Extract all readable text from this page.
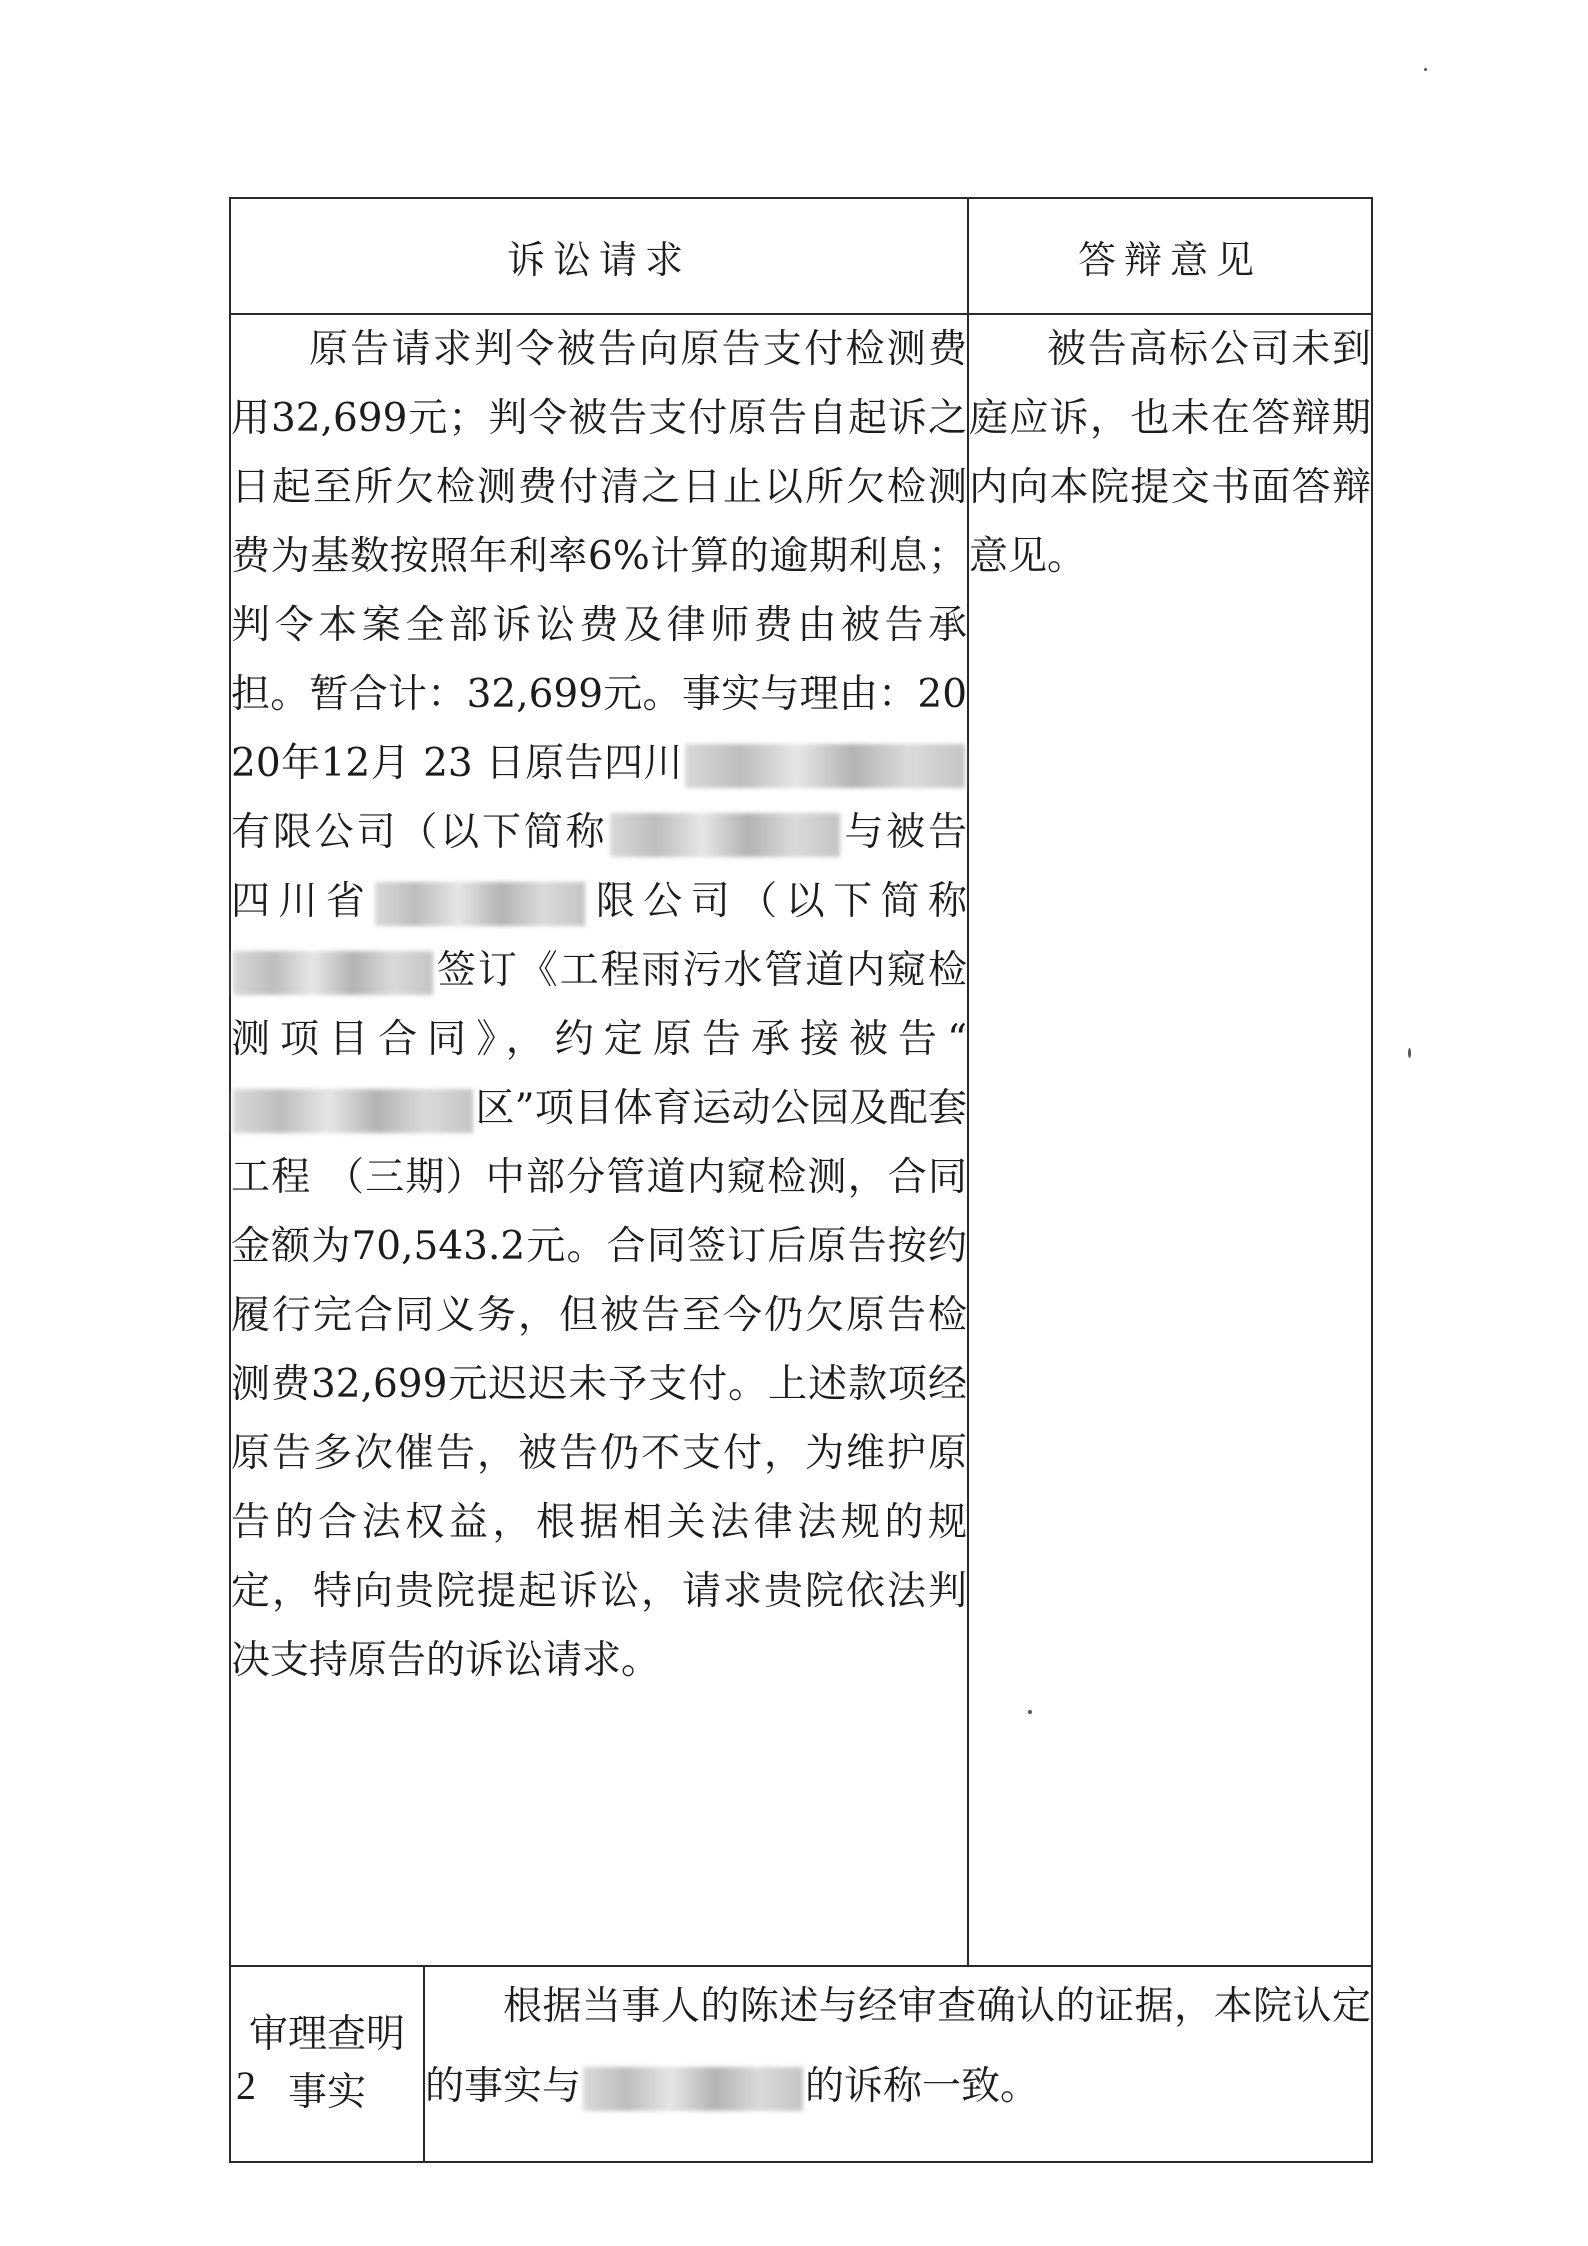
诉讼请求		答辩意见
原告请求判令被告向原告支付检测费用32,699元；判令被告支付原告自起诉之日起至所欠检测费付清之日止以所欠检测费为基数按照年利率6%计算的逾期利息；判令本案全部诉讼费及律师费由被告承担。暂合计：32,699元。事实与理由：2020年12月 23 日原告四川有限公司（以下简称 与被告四川省 限公司（以下简称签订《工程雨污水管道内窥检测项目合同》，约定原告承接被告“区”项目体育运动公园及配套工程 （三期）中部分管道内窥检测，合同金额为70,543.2元。合同签订后原告按约履行完合同义务，但被告至今仍欠原告检测费32,699元迟迟未予支付。上述款项经原告多次催告，被告仍不支付，为维护原告的合法权益，根据相关法律法规的规定，特向贵院提起诉讼，请求贵院依法判决支持原告的诉讼请求。		被告高标公司未到庭应诉，也未在答辩期内向本院提交书面答辩意见。
审理查明事实	根据当事人的陈述与经审查确认的证据，本院认定的事实与 的诉称一致。	
2
